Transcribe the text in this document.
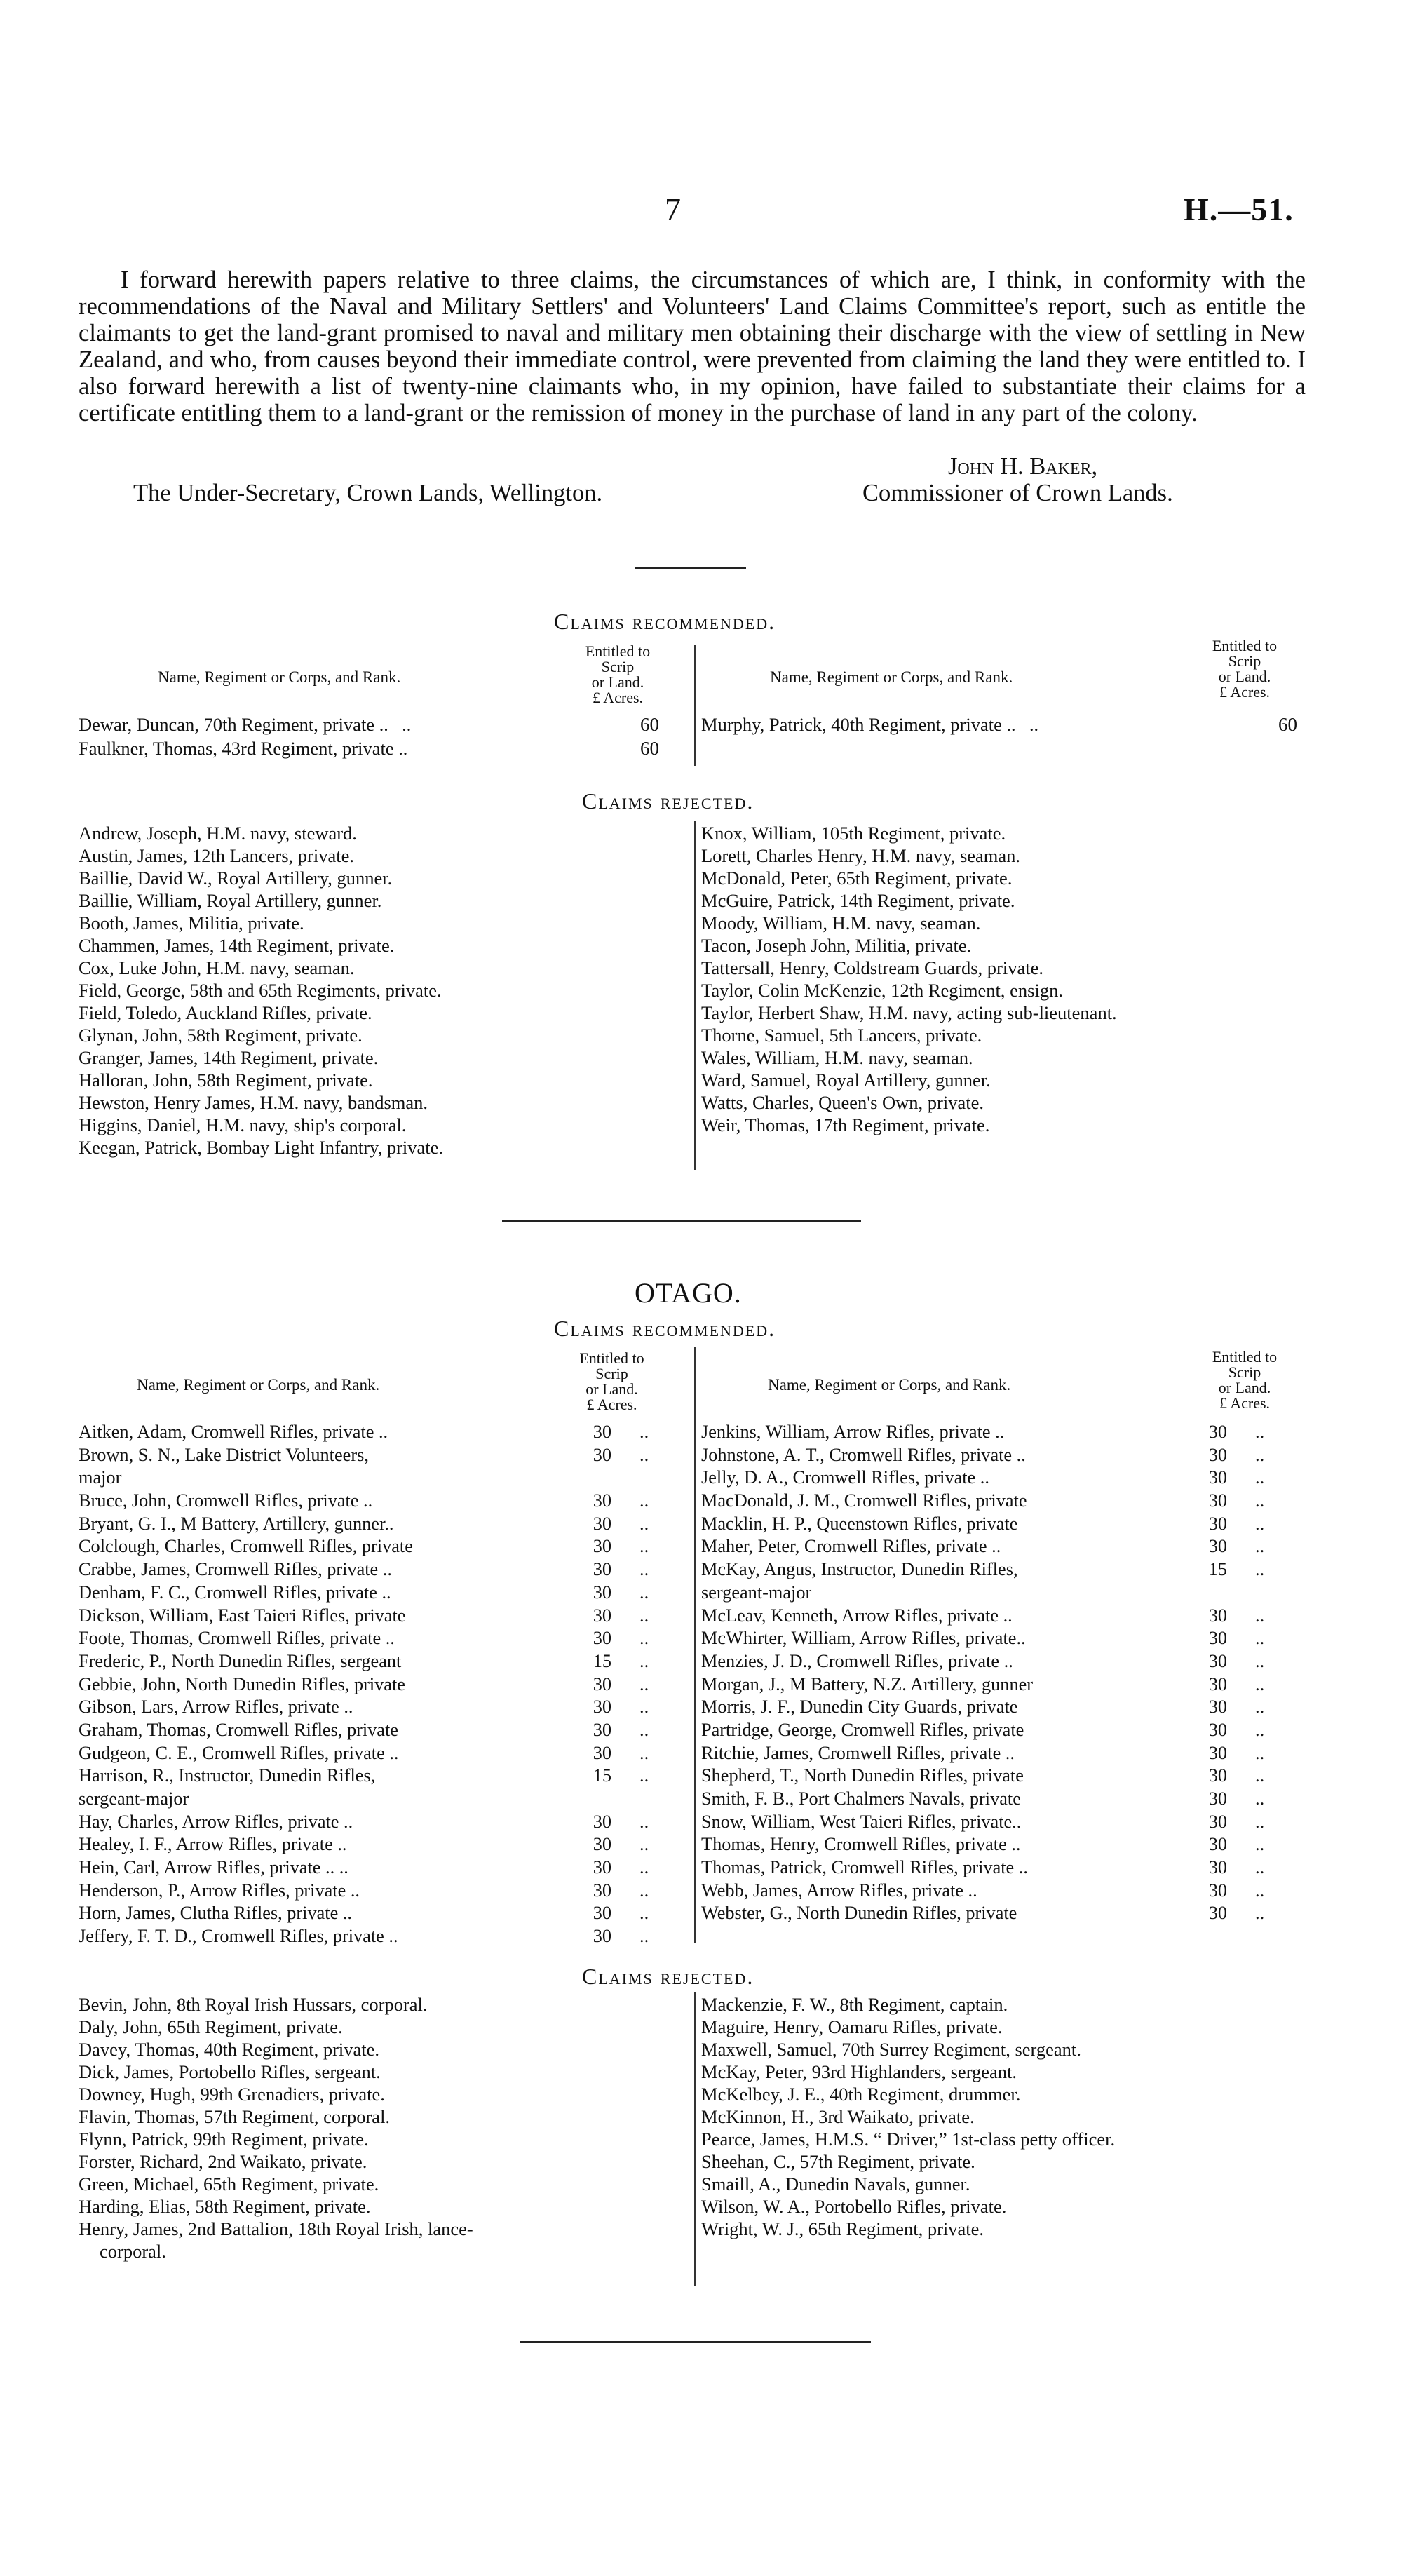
7	H.—51.
I forward herewith papers relative to three claims, the circumstances of which are, I think, in conformity with the recommendations of the Naval and Military Settlers' and Volunteers' Land Claims Committee's report, such as entitle the claimants to get the land-grant promised to naval and military men obtaining their discharge with the view of settling in New Zealand, and who, from causes beyond their immediate control, were prevented from claiming the land they were entitled to. I also forward herewith a list of twenty-nine claimants who, in my opinion, have failed to substantiate their claims for a certificate entitling them to a land-grant or the remission of money in the purchase of land in any part of the colony.
John H. Baker,
The Under-Secretary, Crown Lands, Wellington.	Commissioner of Crown Lands.
Claims recommended.
Name, Regiment or Corps, and Rank.
Entitled to
Scrip
or Land.
£ Acres.
Name, Regiment or Corps, and Rank.
Entitled to
Scrip
or Land.
£ Acres.
Dewar, Duncan, 70th Regiment, private ..   ..	60
Faulkner, Thomas, 43rd Regiment, private ..	60
Murphy, Patrick, 40th Regiment, private ..   ..	60
Claims rejected.
Andrew, Joseph, H.M. navy, steward.
Austin, James, 12th Lancers, private.
Baillie, David W., Royal Artillery, gunner.
Baillie, William, Royal Artillery, gunner.
Booth, James, Militia, private.
Chammen, James, 14th Regiment, private.
Cox, Luke John, H.M. navy, seaman.
Field, George, 58th and 65th Regiments, private.
Field, Toledo, Auckland Rifles, private.
Glynan, John, 58th Regiment, private.
Granger, James, 14th Regiment, private.
Halloran, John, 58th Regiment, private.
Hewston, Henry James, H.M. navy, bandsman.
Higgins, Daniel, H.M. navy, ship's corporal.
Keegan, Patrick, Bombay Light Infantry, private.
Knox, William, 105th Regiment, private.
Lorett, Charles Henry, H.M. navy, seaman.
McDonald, Peter, 65th Regiment, private.
McGuire, Patrick, 14th Regiment, private.
Moody, William, H.M. navy, seaman.
Tacon, Joseph John, Militia, private.
Tattersall, Henry, Coldstream Guards, private.
Taylor, Colin McKenzie, 12th Regiment, ensign.
Taylor, Herbert Shaw, H.M. navy, acting sub-lieutenant.
Thorne, Samuel, 5th Lancers, private.
Wales, William, H.M. navy, seaman.
Ward, Samuel, Royal Artillery, gunner.
Watts, Charles, Queen's Own, private.
Weir, Thomas, 17th Regiment, private.
OTAGO.
Claims recommended.
Name, Regiment or Corps, and Rank.
Entitled to
Scrip
or Land.
£ Acres.
Name, Regiment or Corps, and Rank.
Entitled to
Scrip
or Land.
£ Acres.
Aitken, Adam, Cromwell Rifles, private ..	30 ..
Brown, S. N., Lake District Volunteers,	30 ..
major
Bruce, John, Cromwell Rifles, private ..	30 ..
Bryant, G. I., M Battery, Artillery, gunner..	30 ..
Colclough, Charles, Cromwell Rifles, private	30 ..
Crabbe, James, Cromwell Rifles, private ..	30 ..
Denham, F. C., Cromwell Rifles, private ..	30 ..
Dickson, William, East Taieri Rifles, private	30 ..
Foote, Thomas, Cromwell Rifles, private ..	30 ..
Frederic, P., North Dunedin Rifles, sergeant	15 ..
Gebbie, John, North Dunedin Rifles, private	30 ..
Gibson, Lars, Arrow Rifles, private ..	30 ..
Graham, Thomas, Cromwell Rifles, private	30 ..
Gudgeon, C. E., Cromwell Rifles, private ..	30 ..
Harrison, R., Instructor, Dunedin Rifles,	15 ..
sergeant-major
Hay, Charles, Arrow Rifles, private ..	30 ..
Healey, I. F., Arrow Rifles, private ..	30 ..
Hein, Carl, Arrow Rifles, private .. ..	30 ..
Henderson, P., Arrow Rifles, private ..	30 ..
Horn, James, Clutha Rifles, private ..	30 ..
Jeffery, F. T. D., Cromwell Rifles, private ..	30 ..
Jenkins, William, Arrow Rifles, private ..	30 ..
Johnstone, A. T., Cromwell Rifles, private ..	30 ..
Jelly, D. A., Cromwell Rifles, private ..	30 ..
MacDonald, J. M., Cromwell Rifles, private	30 ..
Macklin, H. P., Queenstown Rifles, private	30 ..
Maher, Peter, Cromwell Rifles, private ..	30 ..
McKay, Angus, Instructor, Dunedin Rifles,	15 ..
sergeant-major
McLeav, Kenneth, Arrow Rifles, private ..	30 ..
McWhirter, William, Arrow Rifles, private..	30 ..
Menzies, J. D., Cromwell Rifles, private ..	30 ..
Morgan, J., M Battery, N.Z. Artillery, gunner	30 ..
Morris, J. F., Dunedin City Guards, private	30 ..
Partridge, George, Cromwell Rifles, private	30 ..
Ritchie, James, Cromwell Rifles, private ..	30 ..
Shepherd, T., North Dunedin Rifles, private	30 ..
Smith, F. B., Port Chalmers Navals, private	30 ..
Snow, William, West Taieri Rifles, private..	30 ..
Thomas, Henry, Cromwell Rifles, private ..	30 ..
Thomas, Patrick, Cromwell Rifles, private ..	30 ..
Webb, James, Arrow Rifles, private ..	30 ..
Webster, G., North Dunedin Rifles, private	30 ..
Claims rejected.
Bevin, John, 8th Royal Irish Hussars, corporal.
Daly, John, 65th Regiment, private.
Davey, Thomas, 40th Regiment, private.
Dick, James, Portobello Rifles, sergeant.
Downey, Hugh, 99th Grenadiers, private.
Flavin, Thomas, 57th Regiment, corporal.
Flynn, Patrick, 99th Regiment, private.
Forster, Richard, 2nd Waikato, private.
Green, Michael, 65th Regiment, private.
Harding, Elias, 58th Regiment, private.
Henry, James, 2nd Battalion, 18th Royal Irish, lance-
corporal.
Mackenzie, F. W., 8th Regiment, captain.
Maguire, Henry, Oamaru Rifles, private.
Maxwell, Samuel, 70th Surrey Regiment, sergeant.
McKay, Peter, 93rd Highlanders, sergeant.
McKelbey, J. E., 40th Regiment, drummer.
McKinnon, H., 3rd Waikato, private.
Pearce, James, H.M.S. “ Driver,” 1st-class petty officer.
Sheehan, C., 57th Regiment, private.
Smaill, A., Dunedin Navals, gunner.
Wilson, W. A., Portobello Rifles, private.
Wright, W. J., 65th Regiment, private.
